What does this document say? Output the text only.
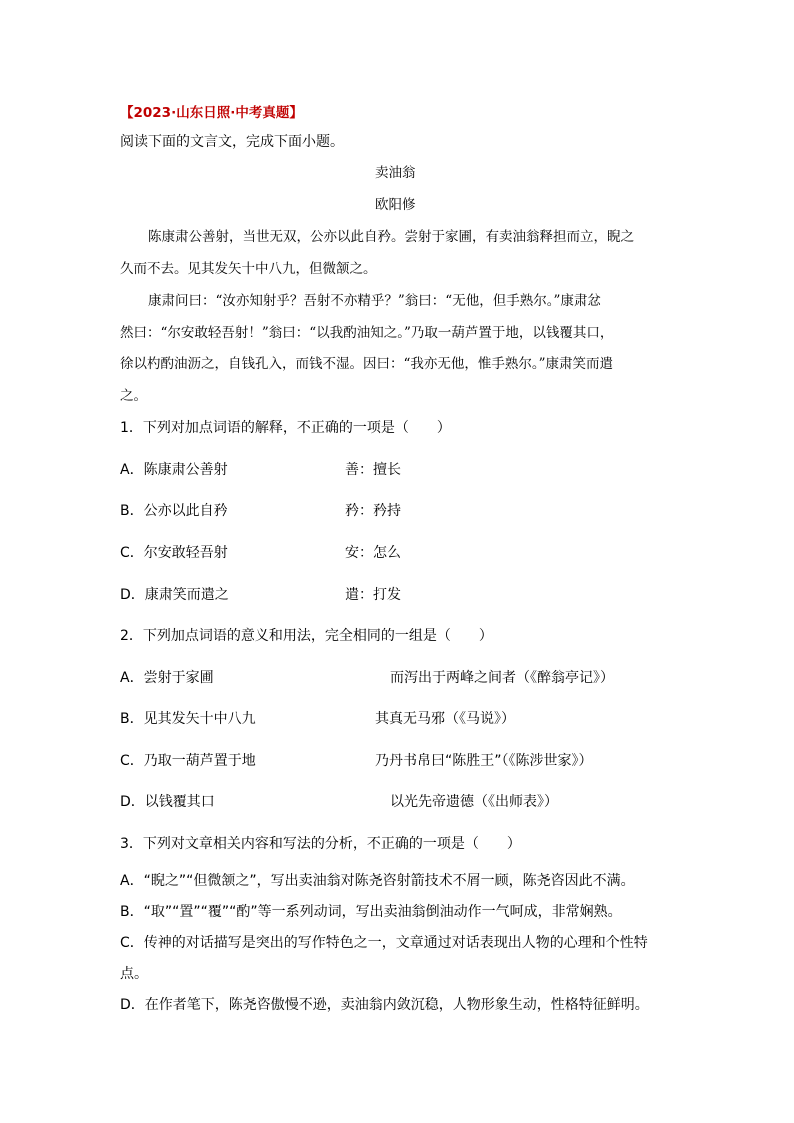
【2023·山东日照·中考真题】
阅读下面的文言文，完成下面小题。
卖油翁
欧阳修
陈康肃公善射，当世无双，公亦以此自矜。尝射于家圃，有卖油翁释担而立，睨之
久而不去。见其发矢十中八九，但微颔之。
康肃问曰：“汝亦知射乎？吾射不亦精乎？”翁曰：“无他，但手熟尔。”康肃忿
然曰：“尔安敢轻吾射！”翁曰：“以我酌油知之。”乃取一葫芦置于地，以钱覆其口，
徐以杓酌油沥之，自钱孔入，而钱不湿。因曰：“我亦无他，惟手熟尔。”康肃笑而遣
之。
1．下列对加点词语的解释，不正确的一项是（　　）
A．陈康肃公善射	善：擅长
B．公亦以此自矜	矜：矜持
C．尔安敢轻吾射	安：怎么
D．康肃笑而遣之	遣：打发
2．下列加点词语的意义和用法，完全相同的一组是（　　）
A．尝射于家圃	而泻出于两峰之间者（《醉翁亭记》）
B．见其发矢十中八九	其真无马邪（《马说》）
C．乃取一葫芦置于地	乃丹书帛曰“陈胜王”（《陈涉世家》）
D．以钱覆其口	以光先帝遗德（《出师表》）
3．下列对文章相关内容和写法的分析，不正确的一项是（　　）
A．“睨之”“但微颔之”，写出卖油翁对陈尧咨射箭技术不屑一顾，陈尧咨因此不满。
B．“取”“置”“覆”“酌”等一系列动词，写出卖油翁倒油动作一气呵成，非常娴熟。
C．传神的对话描写是突出的写作特色之一，文章通过对话表现出人物的心理和个性特
点。
D．在作者笔下，陈尧咨傲慢不逊，卖油翁内敛沉稳，人物形象生动，性格特征鲜明。
